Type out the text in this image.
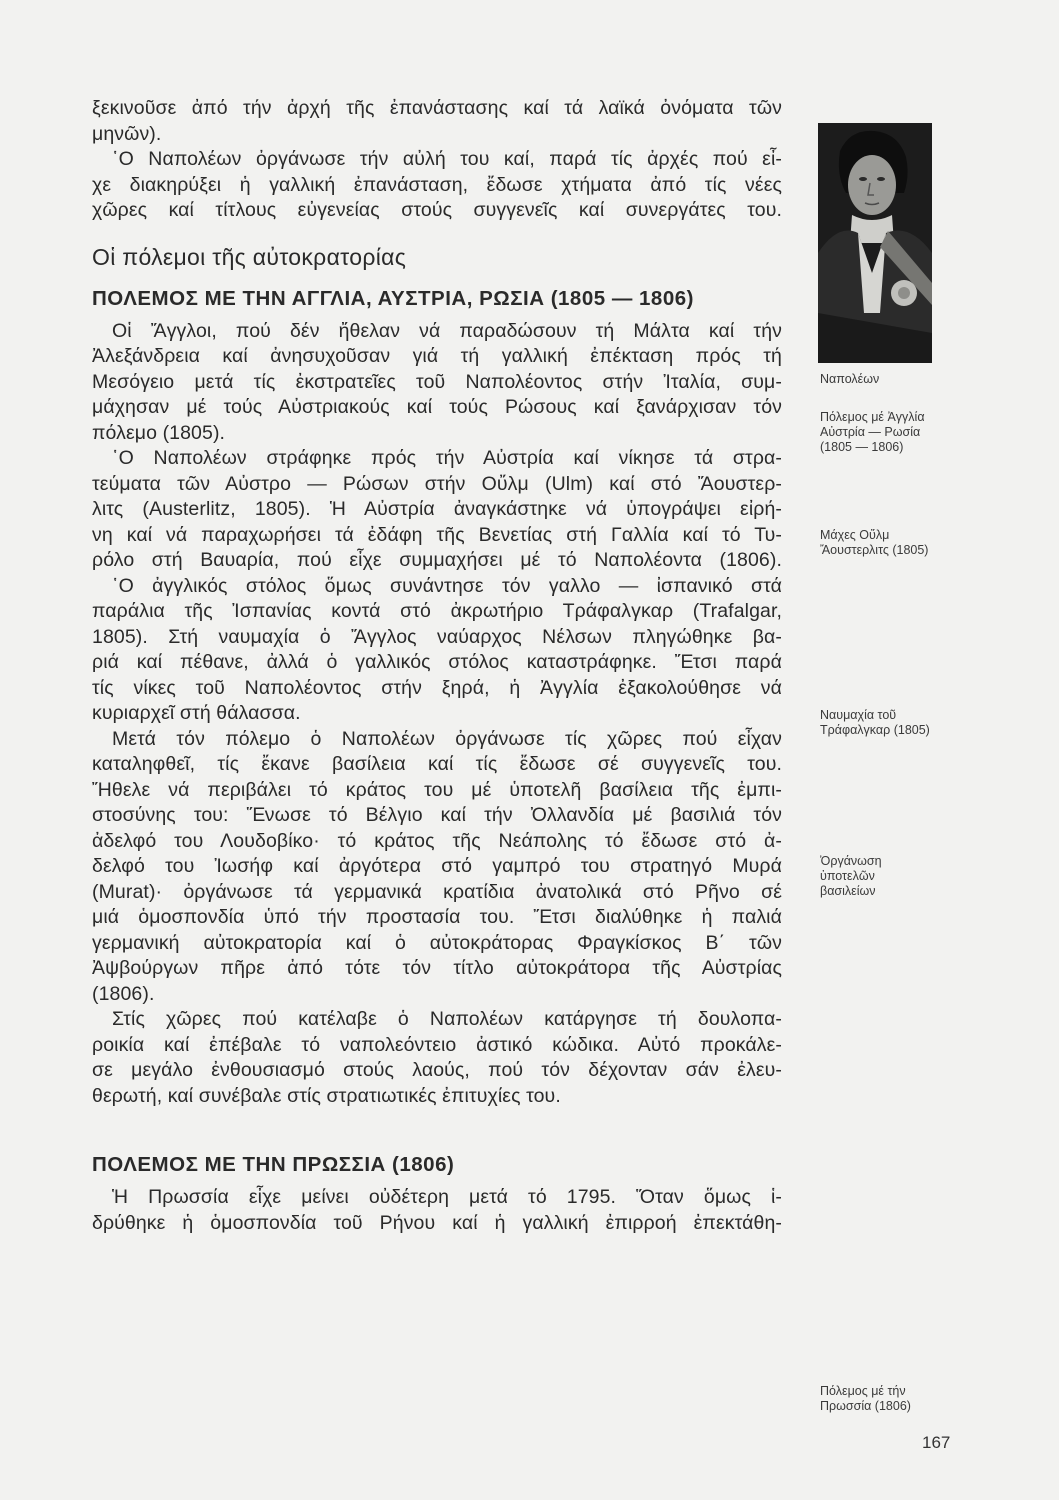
ξεκινοῦσε ἀπό τήν ἀρχή τῆς ἐπανάστασης καί τά λαϊκά ὀνόματα τῶν
μηνῶν).
῾Ο Ναπολέων ὀργάνωσε τήν αὐλή του καί, παρά τίς ἀρχές πού εἶ-
χε διακηρύξει ἡ γαλλική ἐπανάσταση, ἔδωσε χτήματα ἀπό τίς νέες
χῶρες καί τίτλους εὐγενείας στούς συγγενεῖς καί συνεργάτες του.
Οἱ πόλεμοι τῆς αὐτοκρατορίας
ΠΟΛΕΜΟΣ ΜΕ ΤΗΝ ΑΓΓΛΙΑ, ΑΥΣΤΡΙΑ, ΡΩΣΙΑ (1805 — 1806)
Οἱ Ἄγγλοι, πού δέν ἤθελαν νά παραδώσουν τή Μάλτα καί τήν
Ἀλεξάνδρεια καί ἀνησυχοῦσαν γιά τή γαλλική ἐπέκταση πρός τή
Μεσόγειο μετά τίς ἐκστρατεῖες τοῦ Ναπολέοντος στήν Ἰταλία, συμ-
μάχησαν μέ τούς Αὐστριακούς καί τούς Ρώσους καί ξανάρχισαν τόν
πόλεμο (1805).
῾Ο Ναπολέων στράφηκε πρός τήν Αὐστρία καί νίκησε τά στρα-
τεύματα τῶν Αὐστρο — Ρώσων στήν Οὔλμ (Ulm) καί στό Ἄουστερ-
λιτς (Austerlitz, 1805). Ἡ Αὐστρία ἀναγκάστηκε νά ὑπογράψει εἰρή-
νη καί νά παραχωρήσει τά ἐδάφη τῆς Βενετίας στή Γαλλία καί τό Τυ-
ρόλο στή Βαυαρία, πού εἶχε συμμαχήσει μέ τό Ναπολέοντα (1806).
῾Ο ἀγγλικός στόλος ὅμως συνάντησε τόν γαλλο — ἰσπανικό στά
παράλια τῆς Ἰσπανίας κοντά στό ἀκρωτήριο Τράφαλγκαρ (Trafalgar,
1805). Στή ναυμαχία ὁ Ἄγγλος ναύαρχος Νέλσων πληγώθηκε βα-
ριά καί πέθανε, ἀλλά ὁ γαλλικός στόλος καταστράφηκε. Ἔτσι παρά
τίς νίκες τοῦ Ναπολέοντος στήν ξηρά, ἡ Ἀγγλία ἐξακολούθησε νά
κυριαρχεῖ στή θάλασσα.
Μετά τόν πόλεμο ὁ Ναπολέων ὀργάνωσε τίς χῶρες πού εἶχαν
καταληφθεῖ, τίς ἔκανε βασίλεια καί τίς ἔδωσε σέ συγγενεῖς του.
Ἤθελε νά περιβάλει τό κράτος του μέ ὑποτελῆ βασίλεια τῆς ἐμπι-
στοσύνης του: Ἕνωσε τό Βέλγιο καί τήν Ὀλλανδία μέ βασιλιά τόν
ἀδελφό του Λουδοβίκο· τό κράτος τῆς Νεάπολης τό ἔδωσε στό ἀ-
δελφό του Ἰωσήφ καί ἀργότερα στό γαμπρό του στρατηγό Μυρά
(Murat)· ὀργάνωσε τά γερμανικά κρατίδια ἀνατολικά στό Ρῆνο σέ
μιά ὁμοσπονδία ὑπό τήν προστασία του. Ἔτσι διαλύθηκε ἡ παλιά
γερμανική αὐτοκρατορία καί ὁ αὐτοκράτορας Φραγκίσκος Β΄ τῶν
Ἀψβούργων πῆρε ἀπό τότε τόν τίτλο αὐτοκράτορα τῆς Αὐστρίας
(1806).
Στίς χῶρες πού κατέλαβε ὁ Ναπολέων κατάργησε τή δουλοπα-
ροικία καί ἐπέβαλε τό ναπολεόντειο ἀστικό κώδικα. Αὐτό προκάλε-
σε μεγάλο ἐνθουσιασμό στούς λαούς, πού τόν δέχονταν σάν ἐλευ-
θερωτή, καί συνέβαλε στίς στρατιωτικές ἐπιτυχίες του.
ΠΟΛΕΜΟΣ ΜΕ ΤΗΝ ΠΡΩΣΣΙΑ (1806)
Ἡ Πρωσσία εἶχε μείνει οὐδέτερη μετά τό 1795. Ὅταν ὅμως ἱ-
δρύθηκε ἡ ὁμοσπονδία τοῦ Ρήνου καί ἡ γαλλική ἐπιρροή ἐπεκτάθη-
Ναπολέων
Πόλεμος μέ Ἀγγλία
Αὐστρία — Ρωσία
(1805 — 1806)
Μάχες Οὔλμ
Ἄουστερλιτς (1805)
Ναυμαχία τοῦ
Τράφαλγκαρ (1805)
Ὀργάνωση
ὑποτελῶν
βασιλείων
Πόλεμος μέ τήν
Πρωσσία (1806)
167
